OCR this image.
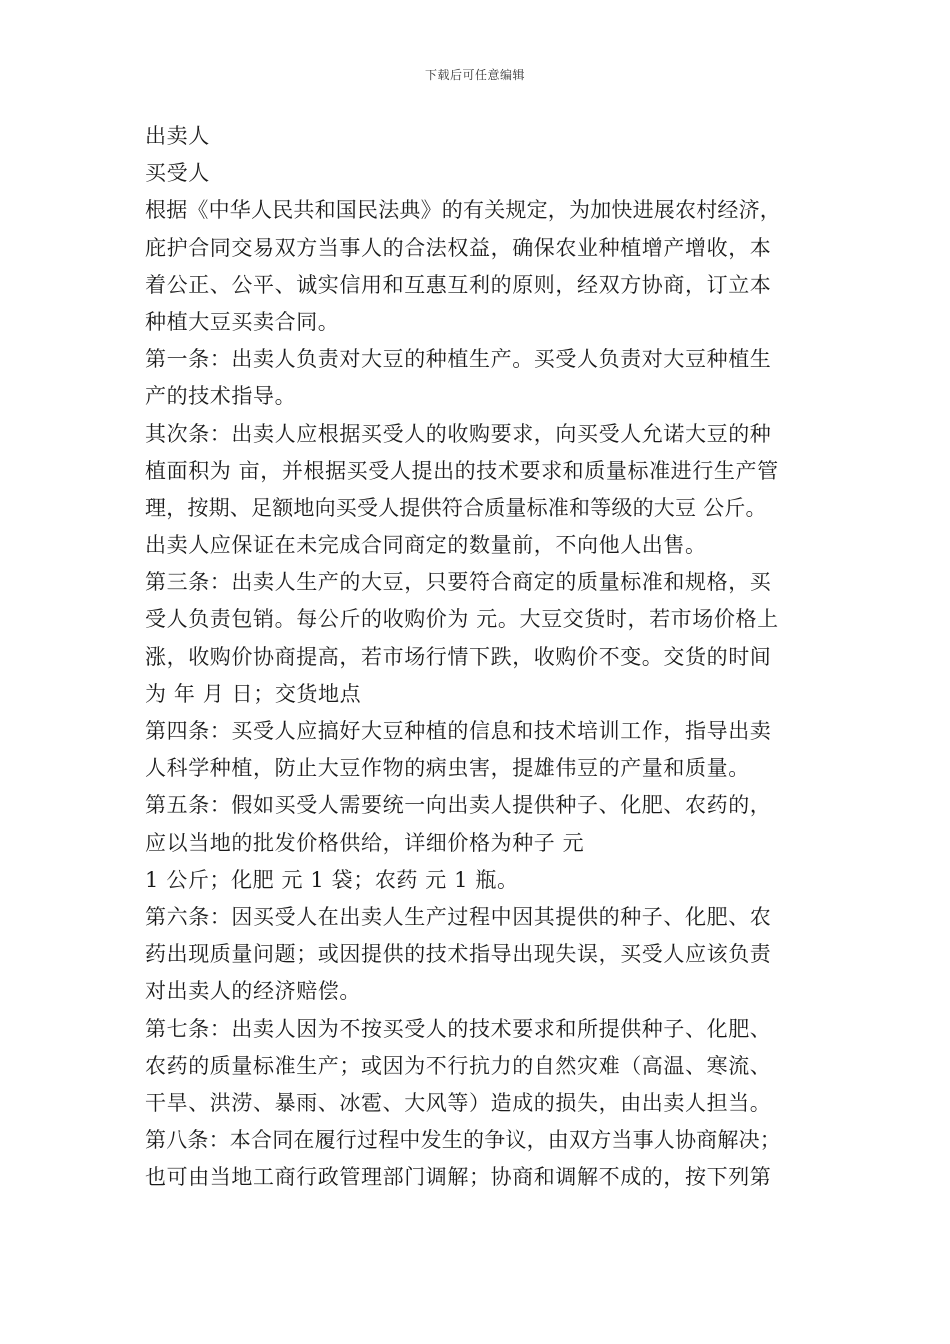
下载后可任意编辑
出卖人
买受人
根据《中华人民共和国民法典》的有关规定，为加快进展农村经济，
庇护合同交易双方当事人的合法权益，确保农业种植增产增收，本
着公正、公平、诚实信用和互惠互利的原则，经双方协商，订立本
种植大豆买卖合同。
第一条：出卖人负责对大豆的种植生产。买受人负责对大豆种植生
产的技术指导。
其次条：出卖人应根据买受人的收购要求，向买受人允诺大豆的种
植面积为 亩，并根据买受人提出的技术要求和质量标准进行生产管
理，按期、足额地向买受人提供符合质量标准和等级的大豆 公斤。
出卖人应保证在未完成合同商定的数量前，不向他人出售。
第三条：出卖人生产的大豆，只要符合商定的质量标准和规格，买
受人负责包销。每公斤的收购价为 元。大豆交货时，若市场价格上
涨，收购价协商提高，若市场行情下跌，收购价不变。交货的时间
为 年 月 日；交货地点
第四条：买受人应搞好大豆种植的信息和技术培训工作，指导出卖
人科学种植，防止大豆作物的病虫害，提雄伟豆的产量和质量。
第五条：假如买受人需要统一向出卖人提供种子、化肥、农药的，
应以当地的批发价格供给，详细价格为种子 元
1 公斤；化肥 元 1 袋；农药 元 1 瓶。
第六条：因买受人在出卖人生产过程中因其提供的种子、化肥、农
药出现质量问题；或因提供的技术指导出现失误，买受人应该负责
对出卖人的经济赔偿。
第七条：出卖人因为不按买受人的技术要求和所提供种子、化肥、
农药的质量标准生产；或因为不行抗力的自然灾难（高温、寒流、
干旱、洪涝、暴雨、冰雹、大风等）造成的损失，由出卖人担当。
第八条：本合同在履行过程中发生的争议，由双方当事人协商解决；
也可由当地工商行政管理部门调解；协商和调解不成的，按下列第
